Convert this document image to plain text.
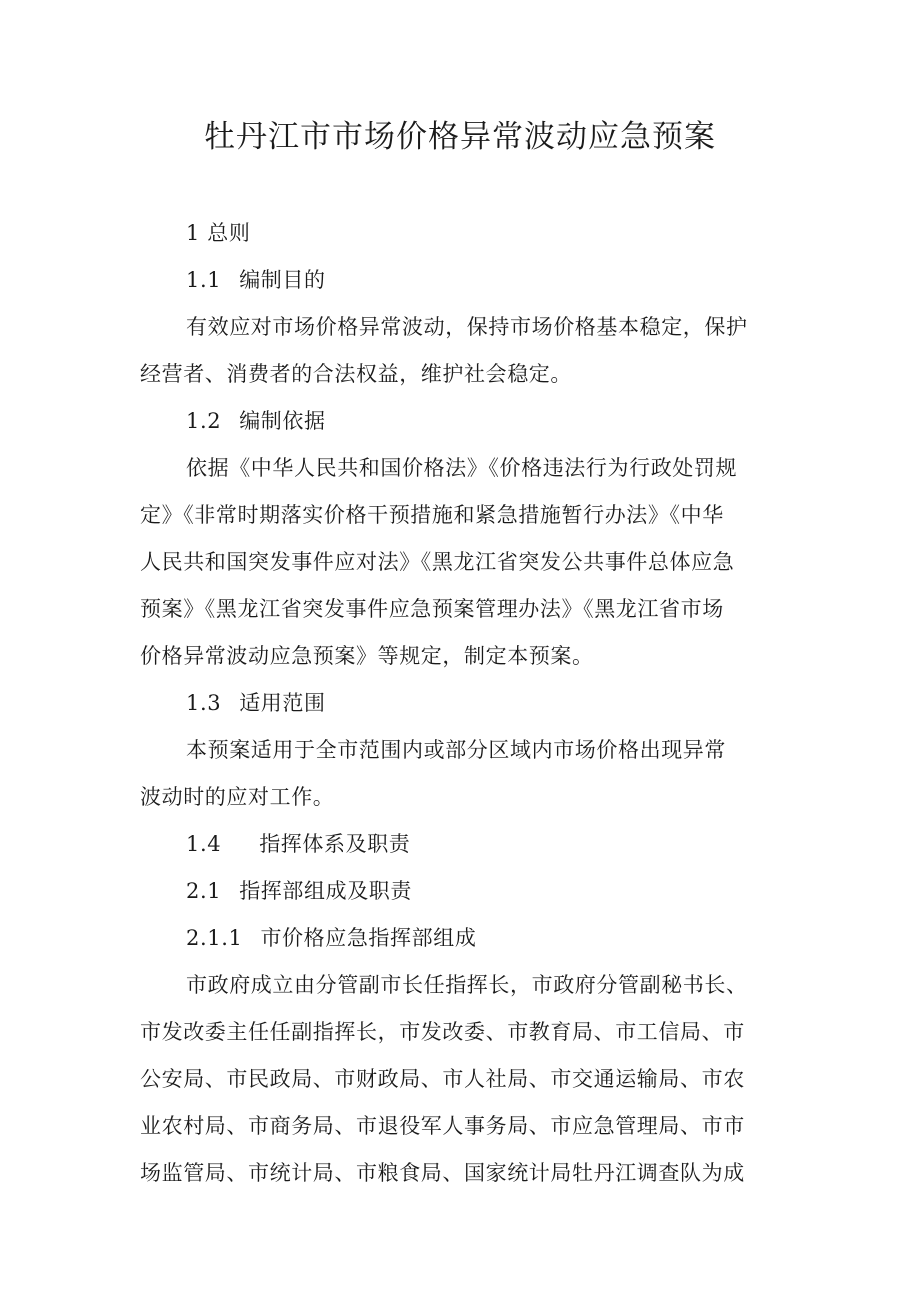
牡丹江市市场价格异常波动应急预案

1 总则

1.1 编制目的

有效应对市场价格异常波动，保持市场价格基本稳定，保护

经营者、消费者的合法权益，维护社会稳定。

1.2 编制依据

依据《中华人民共和国价格法》《价格违法行为行政处罚规

定》《非常时期落实价格干预措施和紧急措施暂行办法》《中华

人民共和国突发事件应对法》《黑龙江省突发公共事件总体应急

预案》《黑龙江省突发事件应急预案管理办法》《黑龙江省市场

价格异常波动应急预案》等规定，制定本预案。

1.3 适用范围

本预案适用于全市范围内或部分区域内市场价格出现异常

波动时的应对工作。

1.4 指挥体系及职责

2.1 指挥部组成及职责

2.1.1 市价格应急指挥部组成

市政府成立由分管副市长任指挥长，市政府分管副秘书长、

市发改委主任任副指挥长，市发改委、市教育局、市工信局、市

公安局、市民政局、市财政局、市人社局、市交通运输局、市农

业农村局、市商务局、市退役军人事务局、市应急管理局、市市

场监管局、市统计局、市粮食局、国家统计局牡丹江调查队为成
